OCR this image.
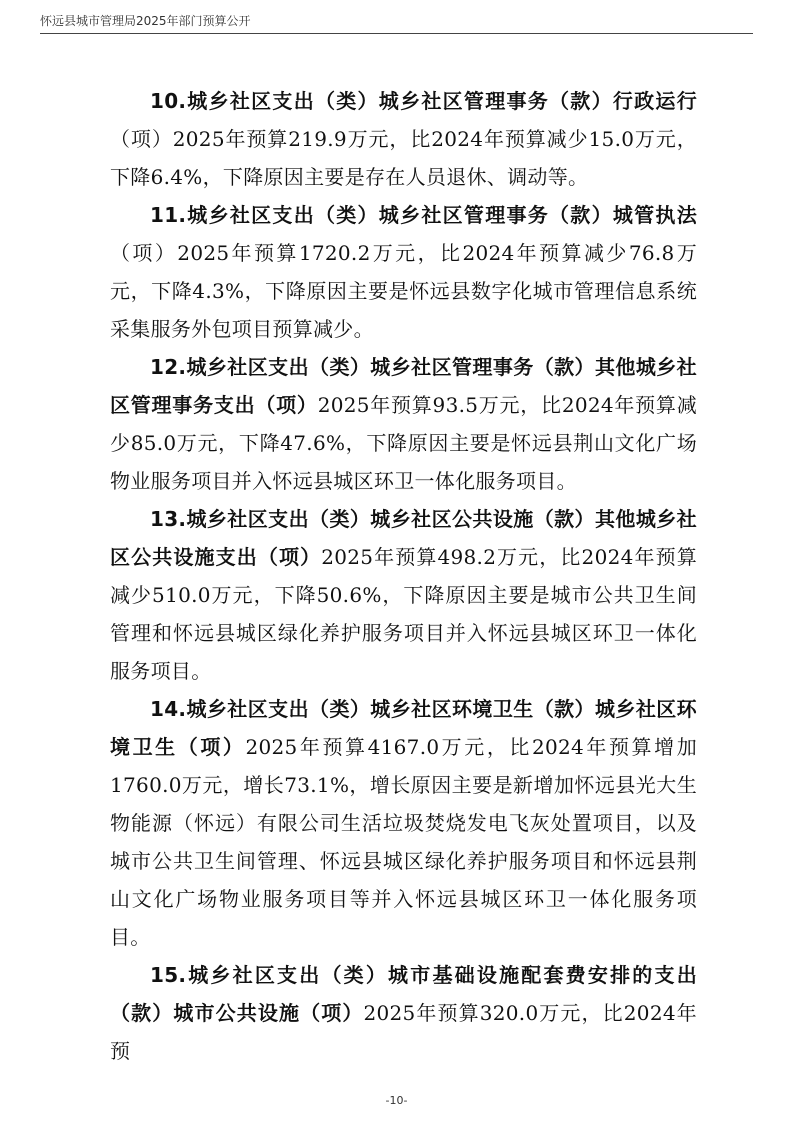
怀远县城市管理局2025年部门预算公开

10.城乡社区支出（类）城乡社区管理事务（款）行政运行（项）2025年预算219.9万元，比2024年预算减少15.0万元，下降6.4%，下降原因主要是存在人员退休、调动等。

11.城乡社区支出（类）城乡社区管理事务（款）城管执法（项）2025年预算1720.2万元，比2024年预算减少76.8万元，下降4.3%，下降原因主要是怀远县数字化城市管理信息系统采集服务外包项目预算减少。

12.城乡社区支出（类）城乡社区管理事务（款）其他城乡社区管理事务支出（项）2025年预算93.5万元，比2024年预算减少85.0万元，下降47.6%，下降原因主要是怀远县荆山文化广场物业服务项目并入怀远县城区环卫一体化服务项目。

13.城乡社区支出（类）城乡社区公共设施（款）其他城乡社区公共设施支出（项）2025年预算498.2万元，比2024年预算减少510.0万元，下降50.6%，下降原因主要是城市公共卫生间管理和怀远县城区绿化养护服务项目并入怀远县城区环卫一体化服务项目。

14.城乡社区支出（类）城乡社区环境卫生（款）城乡社区环境卫生（项）2025年预算4167.0万元，比2024年预算增加1760.0万元，增长73.1%，增长原因主要是新增加怀远县光大生物能源（怀远）有限公司生活垃圾焚烧发电飞灰处置项目，以及城市公共卫生间管理、怀远县城区绿化养护服务项目和怀远县荆山文化广场物业服务项目等并入怀远县城区环卫一体化服务项目。

15.城乡社区支出（类）城市基础设施配套费安排的支出（款）城市公共设施（项）2025年预算320.0万元，比2024年预

-10-
